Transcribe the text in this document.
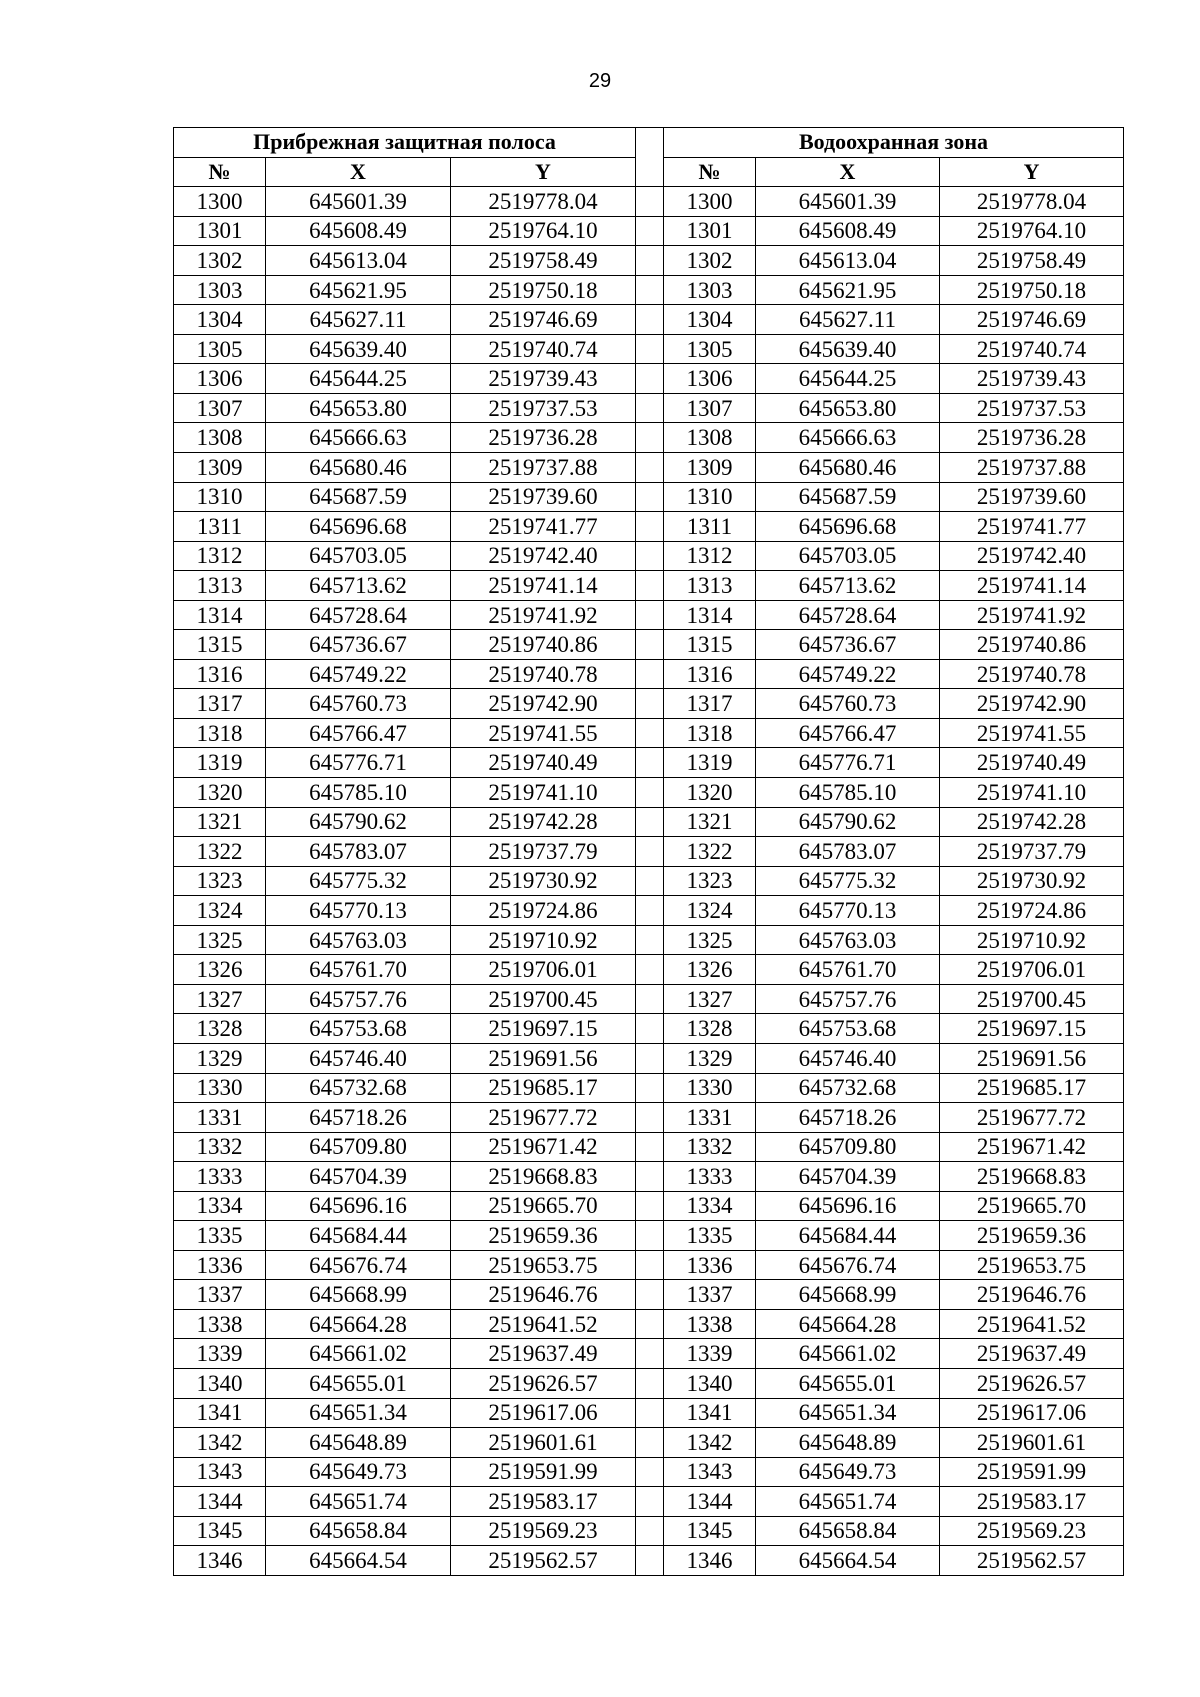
29
Прибрежная защитная полоса				Водоохранная зона		
№	X	Y		№	X	Y
1300	645601.39	2519778.04		1300	645601.39	2519778.04
1301	645608.49	2519764.10		1301	645608.49	2519764.10
1302	645613.04	2519758.49		1302	645613.04	2519758.49
1303	645621.95	2519750.18		1303	645621.95	2519750.18
1304	645627.11	2519746.69		1304	645627.11	2519746.69
1305	645639.40	2519740.74		1305	645639.40	2519740.74
1306	645644.25	2519739.43		1306	645644.25	2519739.43
1307	645653.80	2519737.53		1307	645653.80	2519737.53
1308	645666.63	2519736.28		1308	645666.63	2519736.28
1309	645680.46	2519737.88		1309	645680.46	2519737.88
1310	645687.59	2519739.60		1310	645687.59	2519739.60
1311	645696.68	2519741.77		1311	645696.68	2519741.77
1312	645703.05	2519742.40		1312	645703.05	2519742.40
1313	645713.62	2519741.14		1313	645713.62	2519741.14
1314	645728.64	2519741.92		1314	645728.64	2519741.92
1315	645736.67	2519740.86		1315	645736.67	2519740.86
1316	645749.22	2519740.78		1316	645749.22	2519740.78
1317	645760.73	2519742.90		1317	645760.73	2519742.90
1318	645766.47	2519741.55		1318	645766.47	2519741.55
1319	645776.71	2519740.49		1319	645776.71	2519740.49
1320	645785.10	2519741.10		1320	645785.10	2519741.10
1321	645790.62	2519742.28		1321	645790.62	2519742.28
1322	645783.07	2519737.79		1322	645783.07	2519737.79
1323	645775.32	2519730.92		1323	645775.32	2519730.92
1324	645770.13	2519724.86		1324	645770.13	2519724.86
1325	645763.03	2519710.92		1325	645763.03	2519710.92
1326	645761.70	2519706.01		1326	645761.70	2519706.01
1327	645757.76	2519700.45		1327	645757.76	2519700.45
1328	645753.68	2519697.15		1328	645753.68	2519697.15
1329	645746.40	2519691.56		1329	645746.40	2519691.56
1330	645732.68	2519685.17		1330	645732.68	2519685.17
1331	645718.26	2519677.72		1331	645718.26	2519677.72
1332	645709.80	2519671.42		1332	645709.80	2519671.42
1333	645704.39	2519668.83		1333	645704.39	2519668.83
1334	645696.16	2519665.70		1334	645696.16	2519665.70
1335	645684.44	2519659.36		1335	645684.44	2519659.36
1336	645676.74	2519653.75		1336	645676.74	2519653.75
1337	645668.99	2519646.76		1337	645668.99	2519646.76
1338	645664.28	2519641.52		1338	645664.28	2519641.52
1339	645661.02	2519637.49		1339	645661.02	2519637.49
1340	645655.01	2519626.57		1340	645655.01	2519626.57
1341	645651.34	2519617.06		1341	645651.34	2519617.06
1342	645648.89	2519601.61		1342	645648.89	2519601.61
1343	645649.73	2519591.99		1343	645649.73	2519591.99
1344	645651.74	2519583.17		1344	645651.74	2519583.17
1345	645658.84	2519569.23		1345	645658.84	2519569.23
1346	645664.54	2519562.57		1346	645664.54	2519562.57
